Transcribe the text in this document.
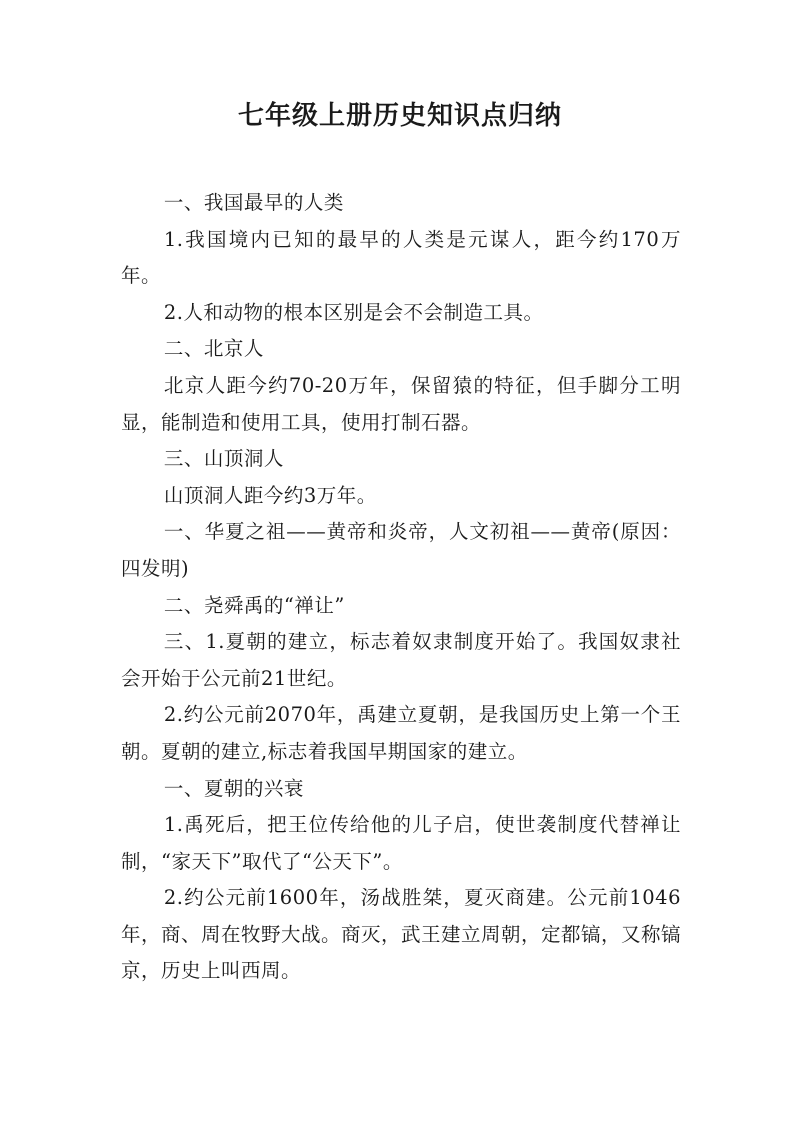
七年级上册历史知识点归纳

一、我国最早的人类

1.我国境内已知的最早的人类是元谋人，距今约170万年。

2.人和动物的根本区别是会不会制造工具。

二、北京人

北京人距今约70-20万年，保留猿的特征，但手脚分工明显，能制造和使用工具，使用打制石器。

三、山顶洞人

山顶洞人距今约3万年。

一、华夏之祖——黄帝和炎帝，人文初祖——黄帝(原因：四发明)

二、尧舜禹的“禅让”

三、1.夏朝的建立，标志着奴隶制度开始了。我国奴隶社会开始于公元前21世纪。

2.约公元前2070年，禹建立夏朝，是我国历史上第一个王朝。夏朝的建立,标志着我国早期国家的建立。

一、夏朝的兴衰

1.禹死后，把王位传给他的儿子启，使世袭制度代替禅让制，“家天下”取代了“公天下”。

2.约公元前1600年，汤战胜桀，夏灭商建。公元前1046年，商、周在牧野大战。商灭，武王建立周朝，定都镐，又称镐京，历史上叫西周。
